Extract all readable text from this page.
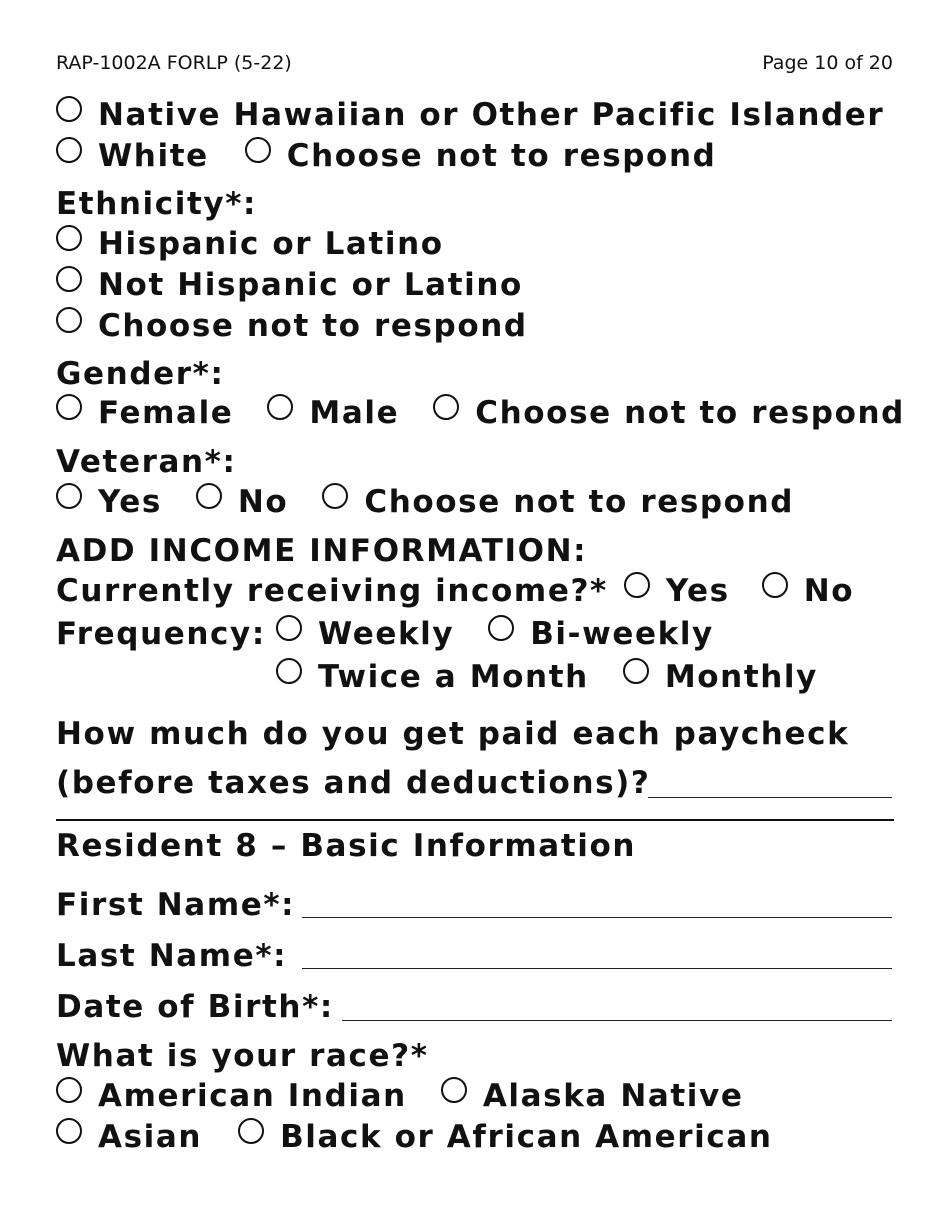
RAP-1002A FORLP (5-22)	Page 10 of 20
Native Hawaiian or Other Pacific Islander
White	Choose not to respond
Ethnicity*:
Hispanic or Latino
Not Hispanic or Latino
Choose not to respond
Gender*:
Female Male Choose not to respond
Veteran*:
Yes No Choose not to respond
ADD INCOME INFORMATION:
Currently receiving income?* Yes No
Frequency:	Weekly Bi-weekly
Twice a Month Monthly
How much do you get paid each paycheck
(before taxes and deductions)?
Resident 8 – Basic Information
First Name*:
Last Name*:
Date of Birth*:
What is your race?*
American Indian Alaska Native
Asian	Black or African American
